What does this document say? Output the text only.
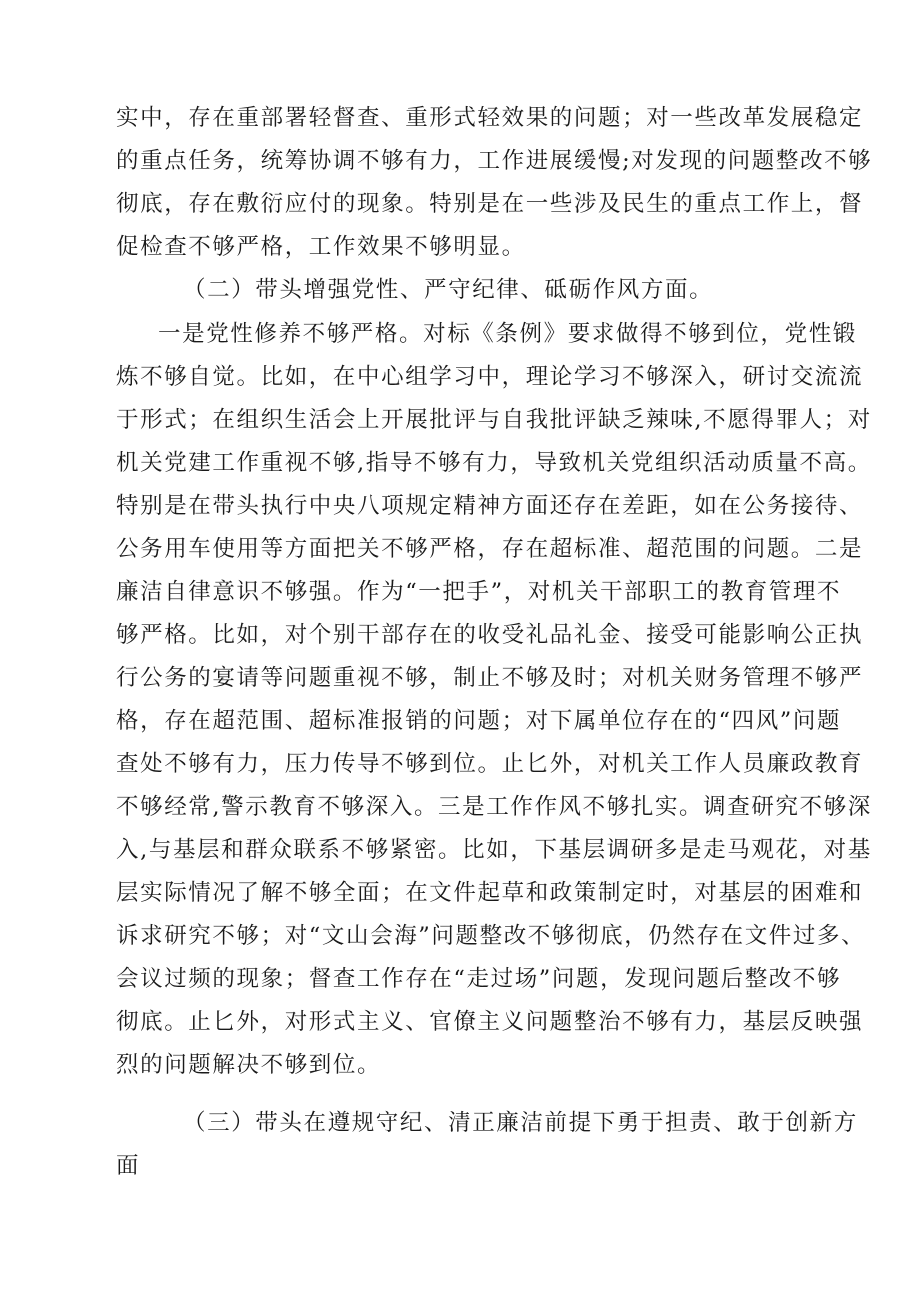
实中，存在重部署轻督查、重形式轻效果的问题；对一些改革发展稳定
的重点任务，统筹协调不够有力，工作进展缓慢;对发现的问题整改不够
彻底，存在敷衍应付的现象。特别是在一些涉及民生的重点工作上，督
促检查不够严格，工作效果不够明显。
（二）带头增强党性、严守纪律、砥砺作风方面。
一是党性修养不够严格。对标《条例》要求做得不够到位，党性锻
炼不够自觉。比如，在中心组学习中，理论学习不够深入，研讨交流流
于形式；在组织生活会上开展批评与自我批评缺乏辣味,不愿得罪人；对
机关党建工作重视不够,指导不够有力，导致机关党组织活动质量不高。
特别是在带头执行中央八项规定精神方面还存在差距，如在公务接待、
公务用车使用等方面把关不够严格，存在超标准、超范围的问题。二是
廉洁自律意识不够强。作为“一把手”，对机关干部职工的教育管理不
够严格。比如，对个别干部存在的收受礼品礼金、接受可能影响公正执
行公务的宴请等问题重视不够，制止不够及时；对机关财务管理不够严
格，存在超范围、超标准报销的问题；对下属单位存在的“四风”问题
查处不够有力，压力传导不够到位。止匕外，对机关工作人员廉政教育
不够经常,警示教育不够深入。三是工作作风不够扎实。调查研究不够深
入,与基层和群众联系不够紧密。比如，下基层调研多是走马观花，对基
层实际情况了解不够全面；在文件起草和政策制定时，对基层的困难和
诉求研究不够；对“文山会海”问题整改不够彻底，仍然存在文件过多、
会议过频的现象；督查工作存在“走过场”问题，发现问题后整改不够
彻底。止匕外，对形式主义、官僚主义问题整治不够有力，基层反映强
烈的问题解决不够到位。
（三）带头在遵规守纪、清正廉洁前提下勇于担责、敢于创新方
面
